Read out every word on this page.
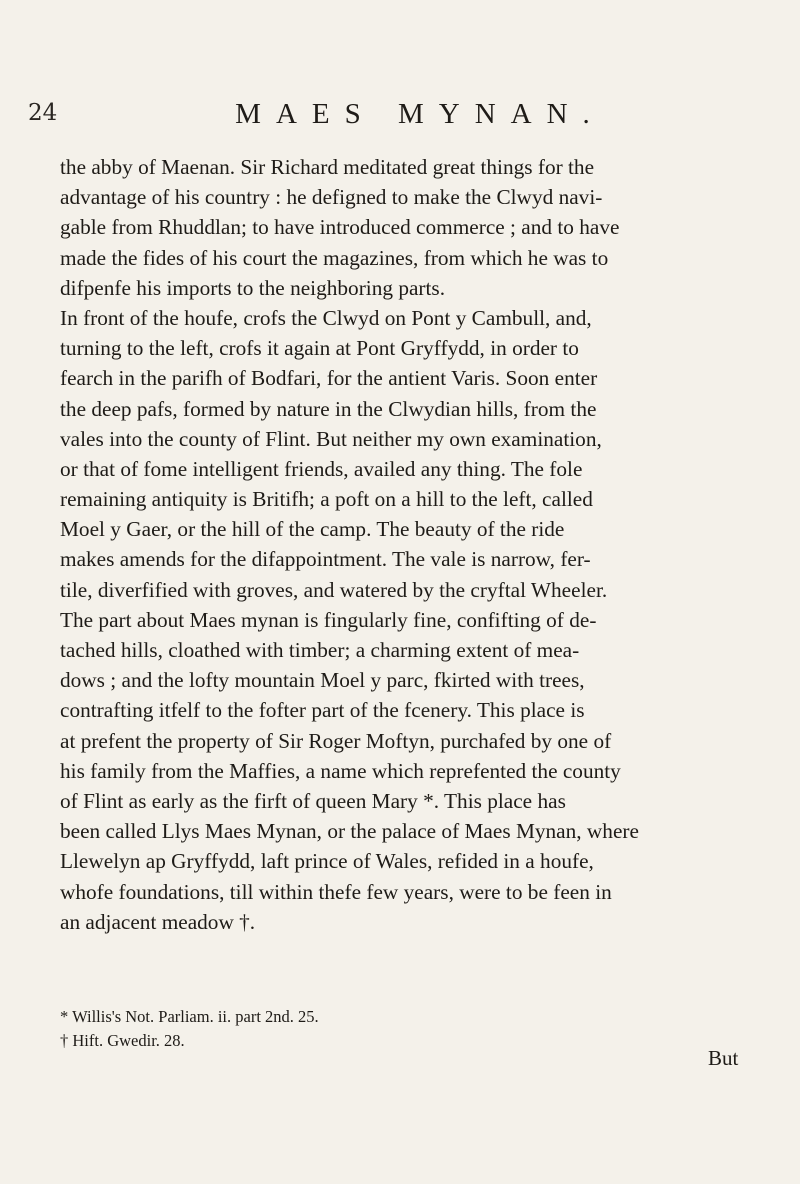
24	MAES MYNAN.
the abby of Maenan. Sir Richard meditated great things for the
advantage of his country : he defigned to make the Clwyd navi-
gable from Rhuddlan; to have introduced commerce ; and to have
made the fides of his court the magazines, from which he was to
difpenfe his imports to the neighboring parts.
In front of the houfe, crofs the Clwyd on Pont y Cambull, and,
turning to the left, crofs it again at Pont Gryffydd, in order to
fearch in the parifh of Bodfari, for the antient Varis. Soon enter
the deep pafs, formed by nature in the Clwydian hills, from the
vales into the county of Flint. But neither my own examination,
or that of fome intelligent friends, availed any thing. The fole
remaining antiquity is Britifh; a poft on a hill to the left, called
Moel y Gaer, or the hill of the camp. The beauty of the ride
makes amends for the difappointment. The vale is narrow, fer-
tile, diverfified with groves, and watered by the cryftal Wheeler.
The part about Maes mynan is fingularly fine, confifting of de-
tached hills, cloathed with timber; a charming extent of mea-
dows ; and the lofty mountain Moel y parc, fkirted with trees,
contrafting itfelf to the fofter part of the fcenery. This place is
at prefent the property of Sir Roger Moftyn, purchafed by one of
his family from the Maffies, a name which reprefented the county
of Flint as early as the firft of queen Mary *. This place has
been called Llys Maes Mynan, or the palace of Maes Mynan, where
Llewelyn ap Gryffydd, laft prince of Wales, refided in a houfe,
whofe foundations, till within thefe few years, were to be feen in
an adjacent meadow †.
* Willis's Not. Parliam. ii. part 2nd. 25.
† Hift. Gwedir. 28.
But
